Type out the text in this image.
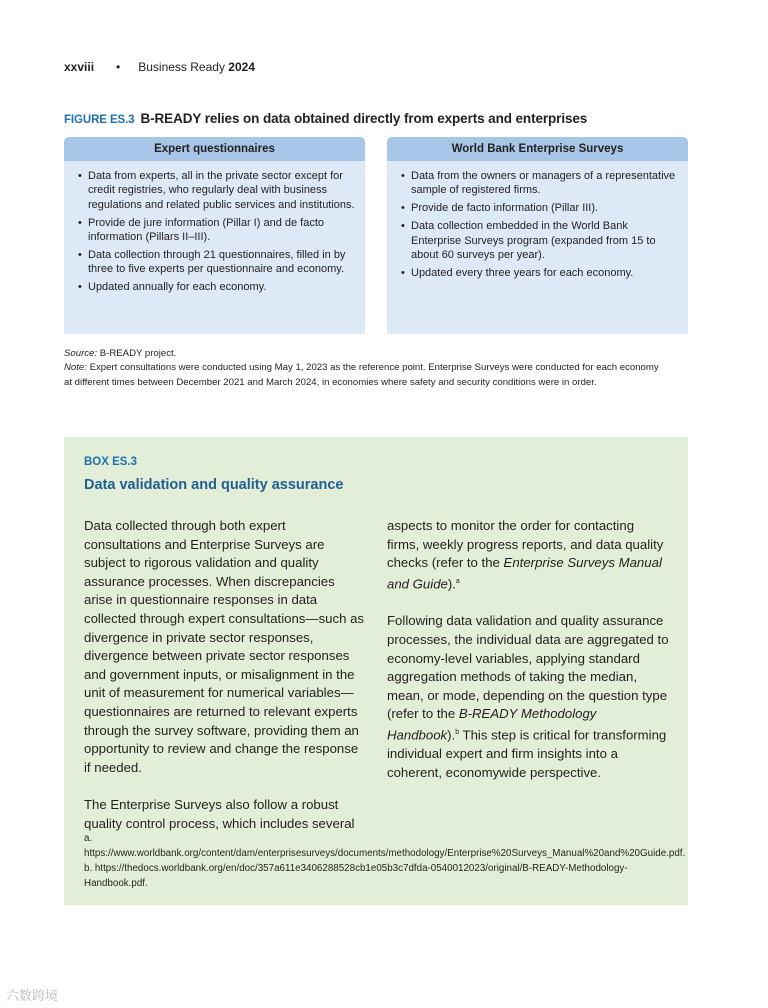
xxviii • Business Ready 2024
FIGURE ES.3 B-READY relies on data obtained directly from experts and enterprises
Expert questionnaires
• Data from experts, all in the private sector except for credit registries, who regularly deal with business regulations and related public services and institutions.
• Provide de jure information (Pillar I) and de facto information (Pillars II–III).
• Data collection through 21 questionnaires, filled in by three to five experts per questionnaire and economy.
• Updated annually for each economy.
World Bank Enterprise Surveys
• Data from the owners or managers of a representative sample of registered firms.
• Provide de facto information (Pillar III).
• Data collection embedded in the World Bank Enterprise Surveys program (expanded from 15 to about 60 surveys per year).
• Updated every three years for each economy.
Source: B-READY project.
Note: Expert consultations were conducted using May 1, 2023 as the reference point. Enterprise Surveys were conducted for each economy at different times between December 2021 and March 2024, in economies where safety and security conditions were in order.
BOX ES.3
Data validation and quality assurance

Data collected through both expert consultations and Enterprise Surveys are subject to rigorous validation and quality assurance processes. When discrepancies arise in questionnaire responses in data collected through expert consultations—such as divergence in private sector responses, divergence between private sector responses and government inputs, or misalignment in the unit of measurement for numerical variables—questionnaires are returned to relevant experts through the survey software, providing them an opportunity to review and change the response if needed.

The Enterprise Surveys also follow a robust quality control process, which includes several

aspects to monitor the order for contacting firms, weekly progress reports, and data quality checks (refer to the Enterprise Surveys Manual and Guide).$^a$

Following data validation and quality assurance processes, the individual data are aggregated to economy-level variables, applying standard aggregation methods of taking the median, mean, or mode, depending on the question type (refer to the B-READY Methodology Handbook).$^b$ This step is critical for transforming individual expert and firm insights into a coherent, economywide perspective.

a. https://www.worldbank.org/content/dam/enterprisesurveys/documents/methodology/Enterprise%20Surveys_Manual%20and%20Guide.pdf.

b. https://thedocs.worldbank.org/en/doc/357a611e3406288528cb1e05b3c7dfda-0540012023/original/B-READY-Methodology-Handbook.pdf.

六数跨境
